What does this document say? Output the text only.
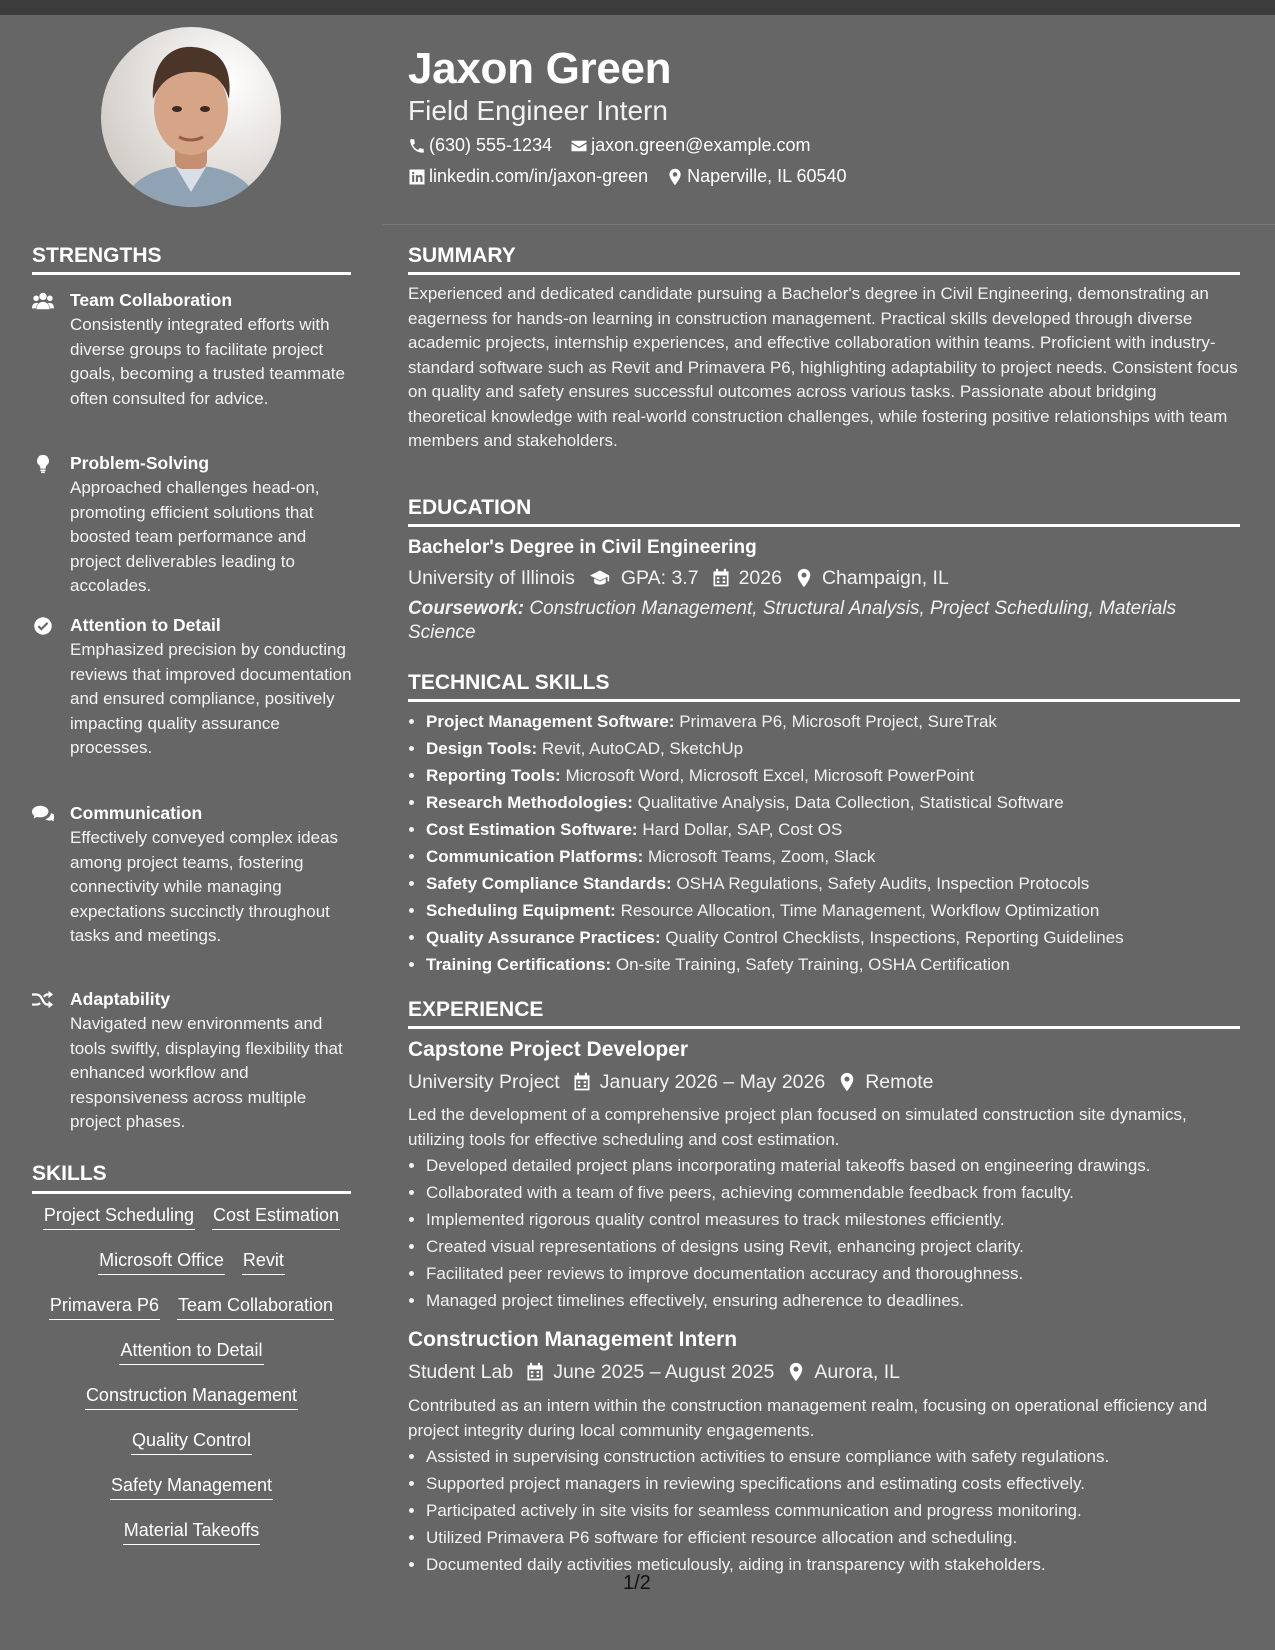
STRENGTHS
Team Collaboration
Consistently integrated efforts with diverse groups to facilitate project goals, becoming a trusted teammate often consulted for advice.
Problem-Solving
Approached challenges head-on, promoting efficient solutions that boosted team performance and project deliverables leading to accolades.
Attention to Detail
Emphasized precision by conducting reviews that improved documentation and ensured compliance, positively impacting quality assurance processes.
Communication
Effectively conveyed complex ideas among project teams, fostering connectivity while managing expectations succinctly throughout tasks and meetings.
Adaptability
Navigated new environments and tools swiftly, displaying flexibility that enhanced workflow and responsiveness across multiple project phases.
SKILLS
Project Scheduling Cost Estimation
Microsoft Office Revit
Primavera P6 Team Collaboration
Attention to Detail
Construction Management
Quality Control
Safety Management
Material Takeoffs
Jaxon Green
Field Engineer Intern
(630) 555-1234 jaxon.green@example.com
linkedin.com/in/jaxon-green Naperville, IL 60540
SUMMARY
Experienced and dedicated candidate pursuing a Bachelor's degree in Civil Engineering, demonstrating an eagerness for hands-on learning in construction management. Practical skills developed through diverse academic projects, internship experiences, and effective collaboration within teams. Proficient with industry-standard software such as Revit and Primavera P6, highlighting adaptability to project needs. Consistent focus on quality and safety ensures successful outcomes across various tasks. Passionate about bridging theoretical knowledge with real-world construction challenges, while fostering positive relationships with team members and stakeholders.
EDUCATION
Bachelor's Degree in Civil Engineering
University of Illinois GPA: 3.7 2026 Champaign, IL
Coursework: Construction Management, Structural Analysis, Project Scheduling, Materials Science
TECHNICAL SKILLS
• Project Management Software: Primavera P6, Microsoft Project, SureTrak
• Design Tools: Revit, AutoCAD, SketchUp
• Reporting Tools: Microsoft Word, Microsoft Excel, Microsoft PowerPoint
• Research Methodologies: Qualitative Analysis, Data Collection, Statistical Software
• Cost Estimation Software: Hard Dollar, SAP, Cost OS
• Communication Platforms: Microsoft Teams, Zoom, Slack
• Safety Compliance Standards: OSHA Regulations, Safety Audits, Inspection Protocols
• Scheduling Equipment: Resource Allocation, Time Management, Workflow Optimization
• Quality Assurance Practices: Quality Control Checklists, Inspections, Reporting Guidelines
• Training Certifications: On-site Training, Safety Training, OSHA Certification
EXPERIENCE
Capstone Project Developer
University Project January 2026 – May 2026 Remote
Led the development of a comprehensive project plan focused on simulated construction site dynamics, utilizing tools for effective scheduling and cost estimation.
• Developed detailed project plans incorporating material takeoffs based on engineering drawings.
• Collaborated with a team of five peers, achieving commendable feedback from faculty.
• Implemented rigorous quality control measures to track milestones efficiently.
• Created visual representations of designs using Revit, enhancing project clarity.
• Facilitated peer reviews to improve documentation accuracy and thoroughness.
• Managed project timelines effectively, ensuring adherence to deadlines.
Construction Management Intern
Student Lab June 2025 – August 2025 Aurora, IL
Contributed as an intern within the construction management realm, focusing on operational efficiency and project integrity during local community engagements.
• Assisted in supervising construction activities to ensure compliance with safety regulations.
• Supported project managers in reviewing specifications and estimating costs effectively.
• Participated actively in site visits for seamless communication and progress monitoring.
• Utilized Primavera P6 software for efficient resource allocation and scheduling.
• Documented daily activities meticulously, aiding in transparency with stakeholders.
1/2
